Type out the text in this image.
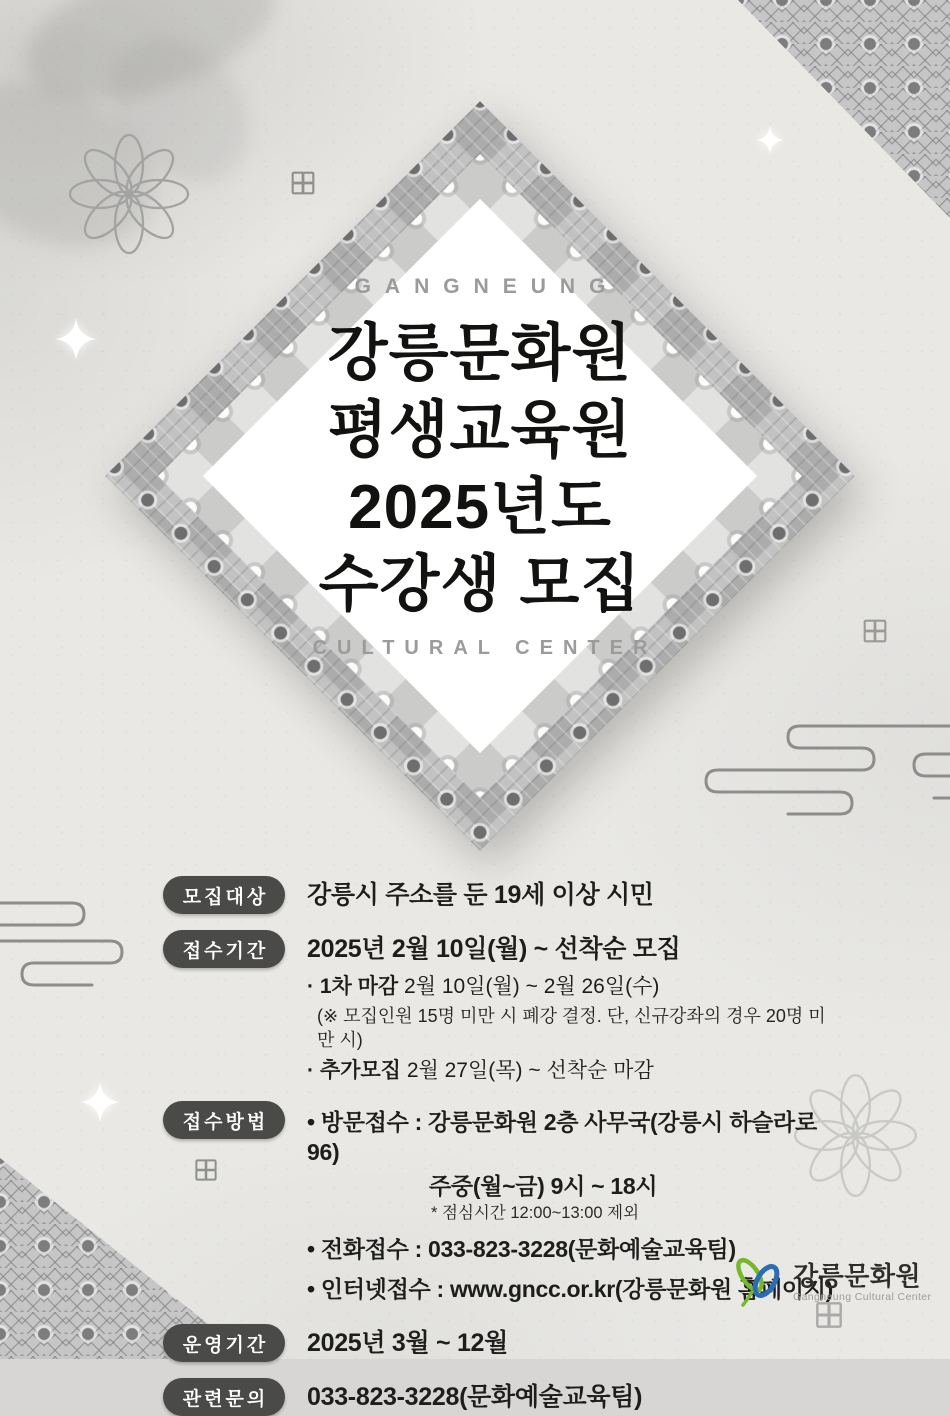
GANGNEUNG
강릉문화원
평생교육원
2025년도
수강생 모집
CULTURAL CENTER
모집대상	강릉시 주소를 둔 19세 이상 시민
접수기간	2025년 2월 10일(월) ~ 선착순 모집
· 1차 마감 2월 10일(월) ~ 2월 26일(수)
(※ 모집인원 15명 미만 시 폐강 결정. 단, 신규강좌의 경우 20명 미만 시)
· 추가모집 2월 27일(목) ~ 선착순 마감
접수방법	• 방문접수 : 강릉문화원 2층 사무국(강릉시 하슬라로 96)
주중(월~금) 9시 ~ 18시
* 점심시간 12:00~13:00 제외
• 전화접수 : 033-823-3228(문화예술교육팀)
• 인터넷접수 : www.gncc.or.kr(강릉문화원 홈페이지)
운영기간	2025년 3월 ~ 12월
관련문의	033-823-3228(문화예술교육팀)
강릉문화원
Gangneung Cultural Center
